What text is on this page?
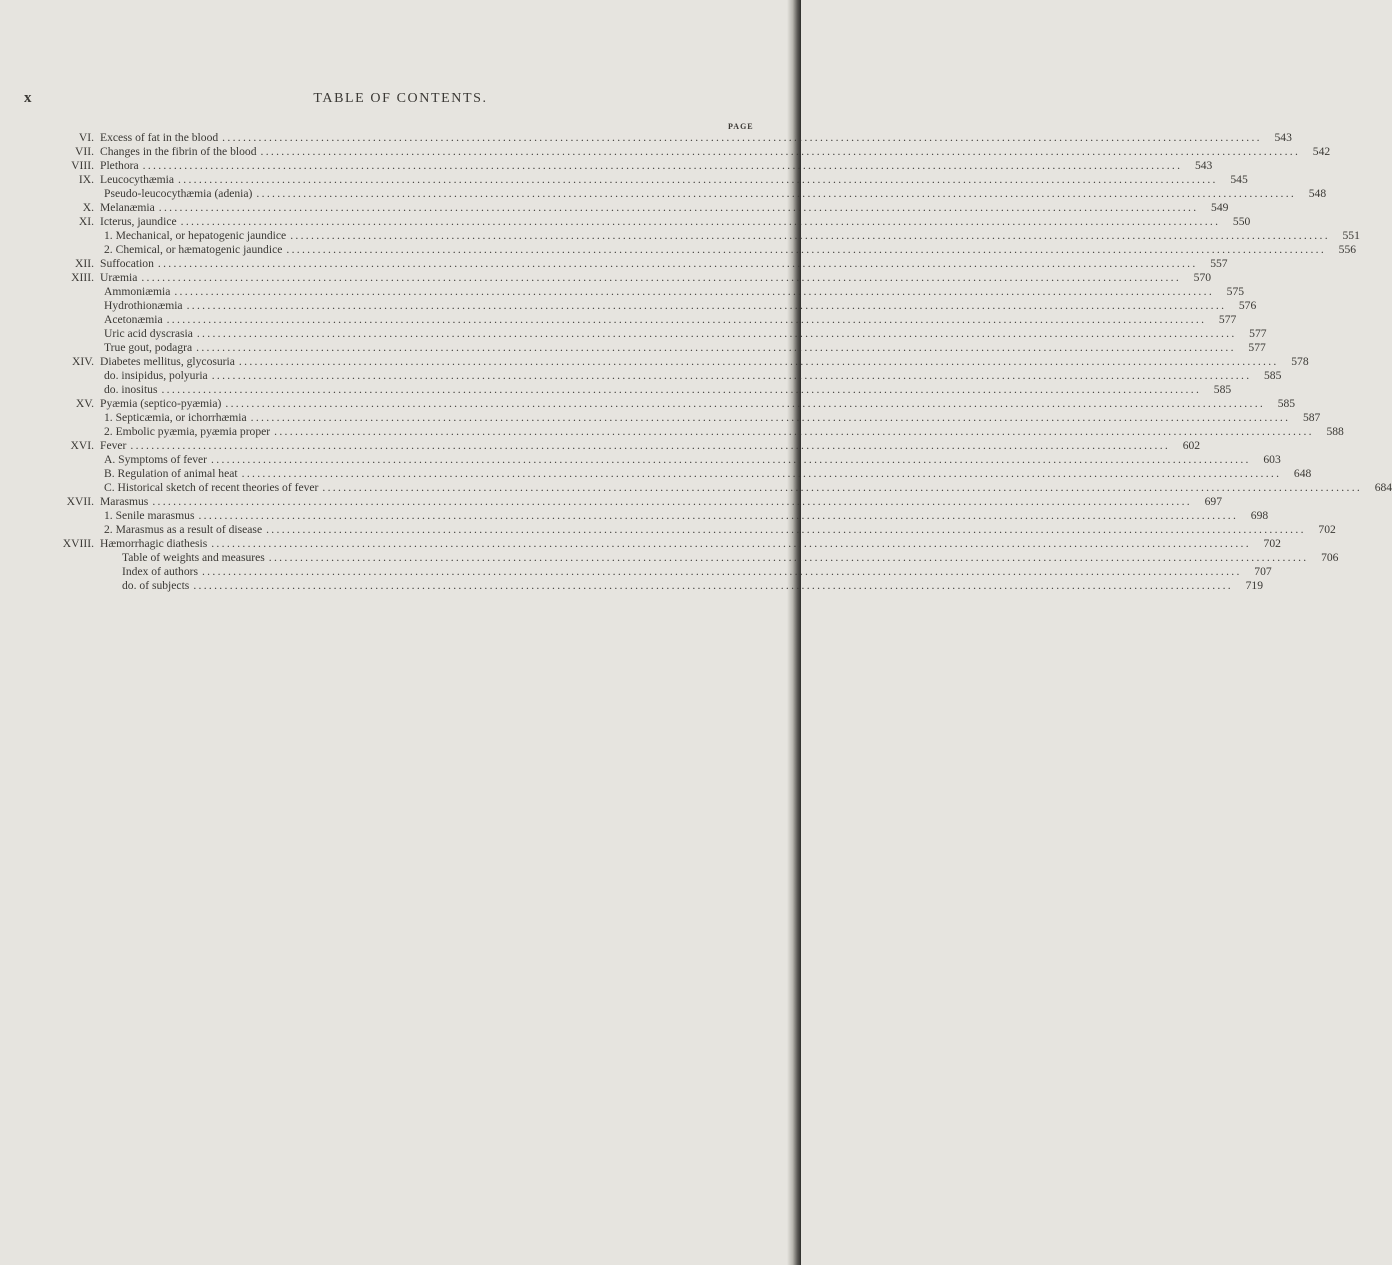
x	TABLE OF CONTENTS.
PAGE
VI. Excess of fat in the blood ........................................................................................................................................................................................................	543
VII. Changes in the fibrin of the blood ........................................................................................................................................................................................................	542
VIII. Plethora ........................................................................................................................................................................................................	543
IX. Leucocythæmia ........................................................................................................................................................................................................	545
Pseudo-leucocythæmia (adenia) ........................................................................................................................................................................................................	548
X. Melanæmia ........................................................................................................................................................................................................	549
XI. Icterus, jaundice ........................................................................................................................................................................................................	550
1. Mechanical, or hepatogenic jaundice ........................................................................................................................................................................................................	551
2. Chemical, or hæmatogenic jaundice ........................................................................................................................................................................................................	556
XII. Suffocation ........................................................................................................................................................................................................	557
XIII. Uræmia ........................................................................................................................................................................................................	570
Ammoniæmia ........................................................................................................................................................................................................	575
Hydrothionæmia ........................................................................................................................................................................................................	576
Acetonæmia ........................................................................................................................................................................................................	577
Uric acid dyscrasia ........................................................................................................................................................................................................	577
True gout, podagra ........................................................................................................................................................................................................	577
XIV. Diabetes mellitus, glycosuria ........................................................................................................................................................................................................	578
do. insipidus, polyuria ........................................................................................................................................................................................................	585
do. inositus ........................................................................................................................................................................................................	585
XV. Pyæmia (septico-pyæmia) ........................................................................................................................................................................................................	585
1. Septicæmia, or ichorrhæmia ........................................................................................................................................................................................................	587
2. Embolic pyæmia, pyæmia proper ........................................................................................................................................................................................................	588
XVI. Fever ........................................................................................................................................................................................................	602
A. Symptoms of fever ........................................................................................................................................................................................................	603
B. Regulation of animal heat ........................................................................................................................................................................................................	648
C. Historical sketch of recent theories of fever ........................................................................................................................................................................................................	684
XVII. Marasmus ........................................................................................................................................................................................................	697
1. Senile marasmus ........................................................................................................................................................................................................	698
2. Marasmus as a result of disease ........................................................................................................................................................................................................	702
XVIII. Hæmorrhagic diathesis ........................................................................................................................................................................................................	702
Table of weights and measures ........................................................................................................................................................................................................	706
Index of authors ........................................................................................................................................................................................................	707
do. of subjects ........................................................................................................................................................................................................	719
